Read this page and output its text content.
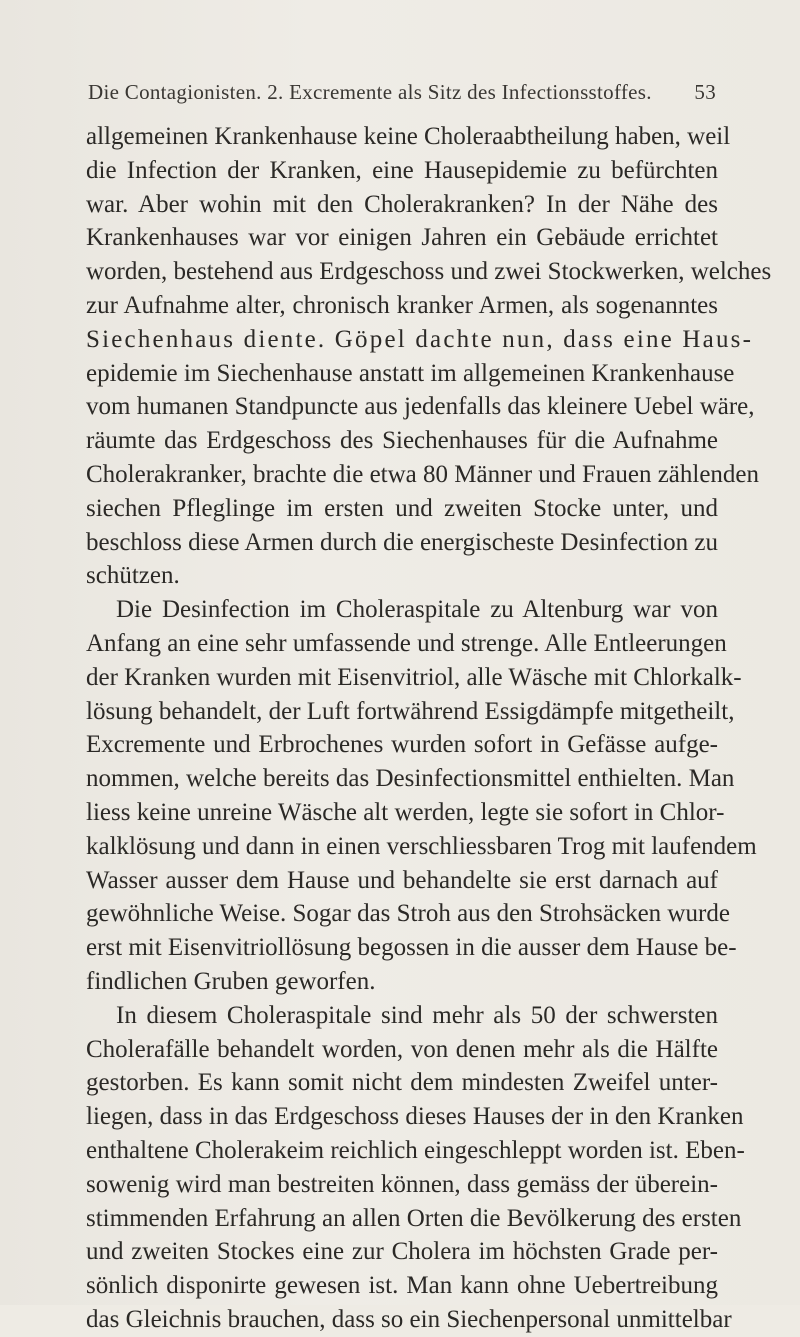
Die Contagionisten. 2. Excremente als Sitz des Infectionsstoffes. 53
allgemeinen Krankenhause keine Choleraabtheilung haben, weil
die Infection der Kranken, eine Hausepidemie zu befürchten
war. Aber wohin mit den Cholerakranken? In der Nähe des
Krankenhauses war vor einigen Jahren ein Gebäude errichtet
worden, bestehend aus Erdgeschoss und zwei Stockwerken, welches
zur Aufnahme alter, chronisch kranker Armen, als sogenanntes
Siechenhaus diente. Göpel dachte nun, dass eine Haus-
epidemie im Siechenhause anstatt im allgemeinen Krankenhause
vom humanen Standpuncte aus jedenfalls das kleinere Uebel wäre,
räumte das Erdgeschoss des Siechenhauses für die Aufnahme
Cholerakranker, brachte die etwa 80 Männer und Frauen zählenden
siechen Pfleglinge im ersten und zweiten Stocke unter, und
beschloss diese Armen durch die energischeste Desinfection zu
schützen.
Die Desinfection im Choleraspitale zu Altenburg war von
Anfang an eine sehr umfassende und strenge. Alle Entleerungen
der Kranken wurden mit Eisenvitriol, alle Wäsche mit Chlorkalk-
lösung behandelt, der Luft fortwährend Essigdämpfe mitgetheilt,
Excremente und Erbrochenes wurden sofort in Gefässe aufge-
nommen, welche bereits das Desinfectionsmittel enthielten. Man
liess keine unreine Wäsche alt werden, legte sie sofort in Chlor-
kalklösung und dann in einen verschliessbaren Trog mit laufendem
Wasser ausser dem Hause und behandelte sie erst darnach auf
gewöhnliche Weise. Sogar das Stroh aus den Strohsäcken wurde
erst mit Eisenvitriollösung begossen in die ausser dem Hause be-
findlichen Gruben geworfen.
In diesem Choleraspitale sind mehr als 50 der schwersten
Cholerafälle behandelt worden, von denen mehr als die Hälfte
gestorben. Es kann somit nicht dem mindesten Zweifel unter-
liegen, dass in das Erdgeschoss dieses Hauses der in den Kranken
enthaltene Cholerakeim reichlich eingeschleppt worden ist. Eben-
sowenig wird man bestreiten können, dass gemäss der überein-
stimmenden Erfahrung an allen Orten die Bevölkerung des ersten
und zweiten Stockes eine zur Cholera im höchsten Grade per-
sönlich disponirte gewesen ist. Man kann ohne Uebertreibung
das Gleichnis brauchen, dass so ein Siechenpersonal unmittelbar
